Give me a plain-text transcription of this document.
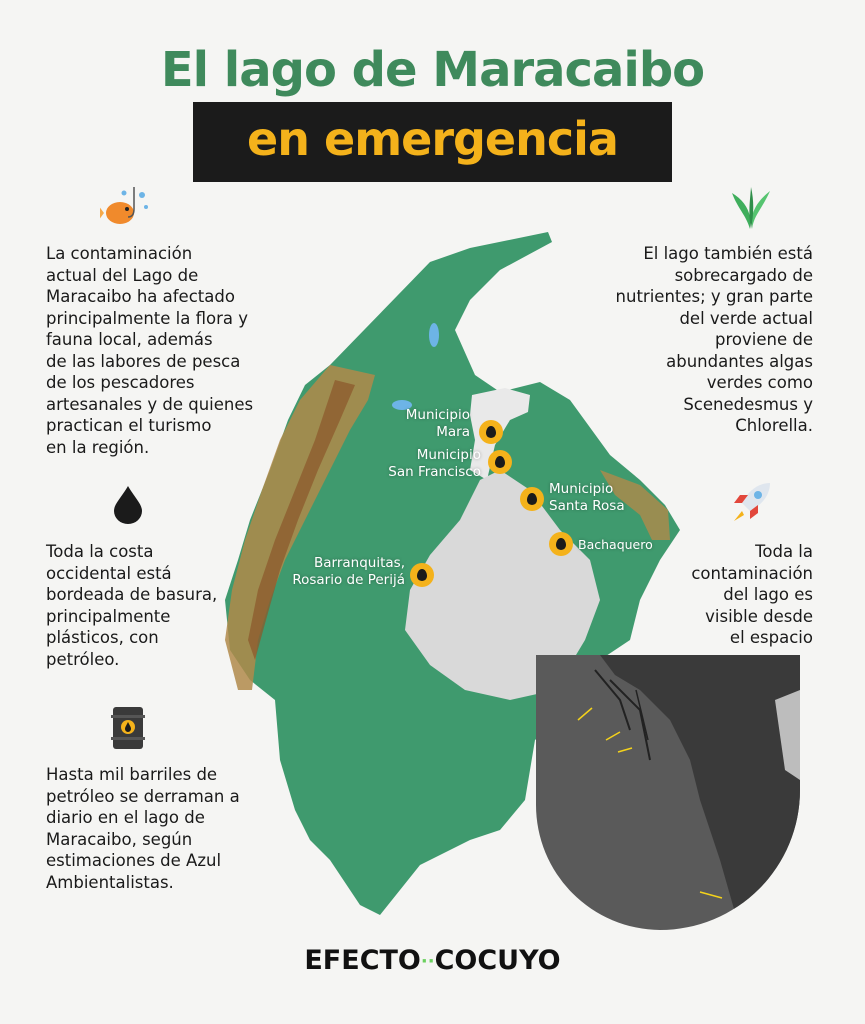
El lago de Maracaibo
en emergencia
La contaminación
actual del Lago de
Maracaibo ha afectado
principalmente la flora y
fauna local, además
de las labores de pesca
de los pescadores
artesanales y de quienes
practican el turismo
en la región.
Toda la costa
occidental está
bordeada de basura,
principalmente
plásticos, con
petróleo.
Hasta mil barriles de
petróleo se derraman a
diario en el lago de
Maracaibo, según
estimaciones de Azul
Ambientalistas.
El lago también está
sobrecargado de
nutrientes; y gran parte
del verde actual
proviene de
abundantes algas
verdes como
Scenedesmus y
Chlorella.
Toda la
contaminación
del lago es
visible desde
el espacio
Municipio
Mara
Municipio
San Francisco
Municipio
Santa Rosa
Bachaquero
Barranquitas,
Rosario de Perijá
EFECTO··COCUYO
